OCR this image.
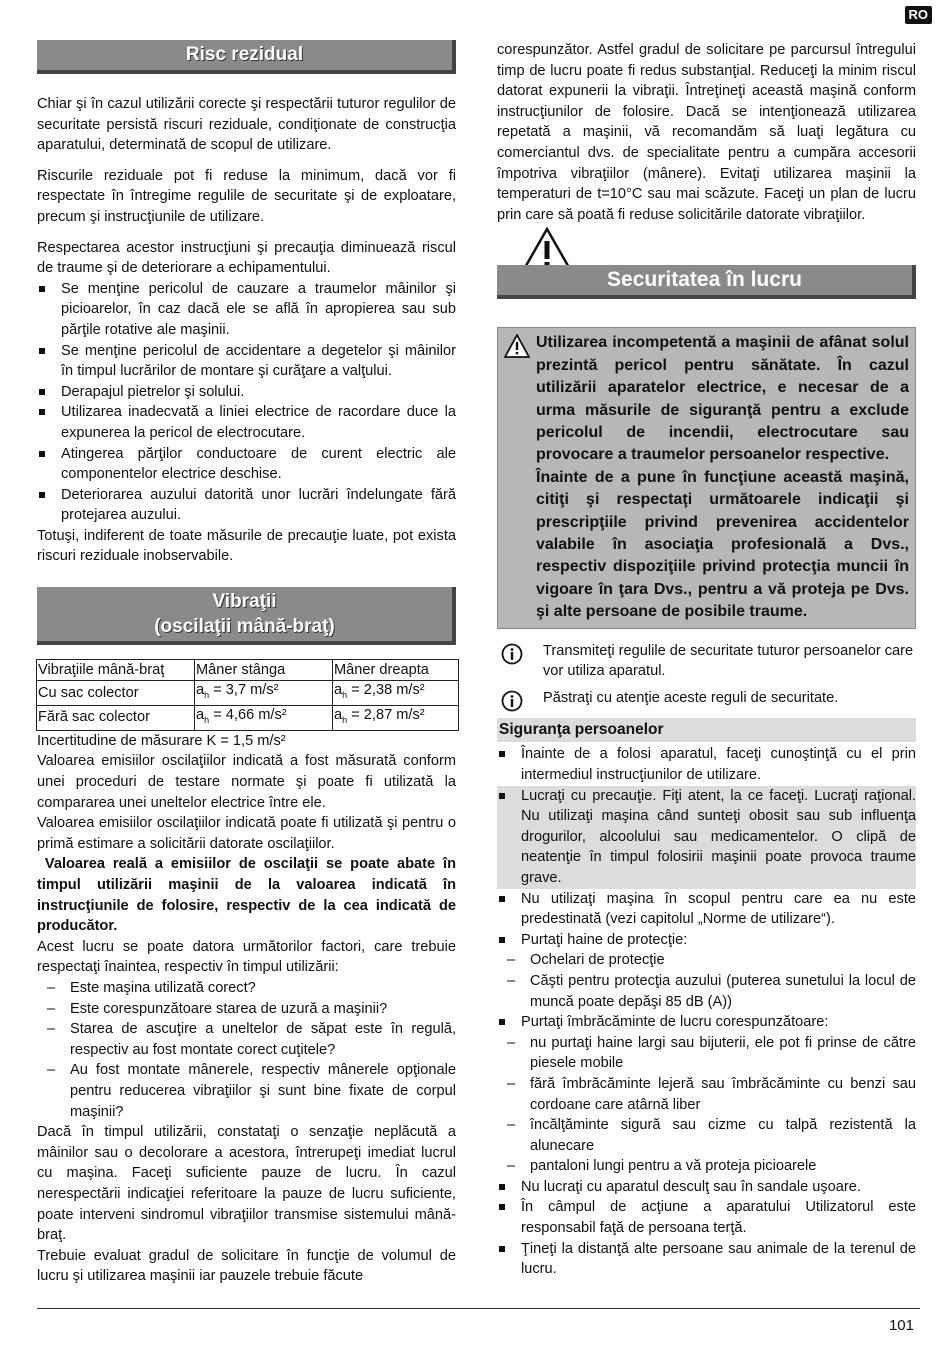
RO
Risc rezidual

Chiar şi în cazul utilizării corecte şi respectării tuturor regulilor de securitate persistă riscuri reziduale, condiţionate de construcţia aparatului, determinată de scopul de utilizare.

Riscurile reziduale pot fi reduse la minimum, dacă vor fi respectate în întregime regulile de securitate şi de exploatare, precum şi instrucţiunile de utilizare.

Respectarea acestor instrucţiuni şi precauţia diminuează riscul de traume şi de deteriorare a echipamentului.

Se menţine pericolul de cauzare a traumelor mâinilor şi picioarelor, în caz dacă ele se află în apropierea sau sub părţile rotative ale maşinii.
Se menţine pericolul de accidentare a degetelor şi mâinilor în timpul lucrărilor de montare şi curăţare a valţului.
Derapajul pietrelor şi solului.
Utilizarea inadecvată a liniei electrice de racordare duce la expunerea la pericol de electrocutare.
Atingerea părţilor conductoare de curent electric ale componentelor electrice deschise.
Deteriorarea auzului datorită unor lucrări îndelungate fără protejarea auzului.

Totuşi, indiferent de toate măsurile de precauţie luate, pot exista riscuri reziduale inobservabile.

Vibraţii
(oscilaţii mână-braţ)
Vibraţiile mână-braţ	Mâner stânga	Mâner dreapta
Cu sac colector	$a_h = 3,7$ m/s²	$a_h = 2,38$ m/s²
Fără sac colector	$a_h = 4,66$ m/s²	$a_h = 2,87$ m/s²

Incertitudine de măsurare K = 1,5 m/s²

Valoarea emisiilor oscilaţiilor indicată a fost măsurată conform unei proceduri de testare normate şi poate fi utilizată la compararea unei uneltelor electrice între ele.

Valoarea emisiilor oscilaţiilor indicată poate fi utilizată şi pentru o primă estimare a solicitării datorate oscilaţiilor.

Valoarea reală a emisiilor de oscilaţii se poate abate în timpul utilizării maşinii de la valoarea indicată în instrucţiunile de folosire, respectiv de la cea indicată de producător.

Acest lucru se poate datora următorilor factori, care trebuie respectaţi înaintea, respectiv în timpul utilizării:

– Este maşina utilizată corect?
– Este corespunzătoare starea de uzură a maşinii?
– Starea de ascuţire a uneltelor de săpat este în regulă, respectiv au fost montate corect cuţitele?
– Au fost montate mânerele, respectiv mânerele opţionale pentru reducerea vibraţiilor şi sunt bine fixate de corpul maşinii?

Dacă în timpul utilizării, constataţi o senzaţie neplăcută a mâinilor sau o decolorare a acestora, întrerupeţi imediat lucrul cu maşina. Faceţi suficiente pauze de lucru. În cazul nerespectării indicaţiei referitoare la pauze de lucru suficiente, poate interveni sindromul vibraţiilor transmise sistemului mână-braţ.

Trebuie evaluat gradul de solicitare în funcţie de volumul de lucru şi utilizarea maşinii iar pauzele trebuie făcute

corespunzător. Astfel gradul de solicitare pe parcursul întregului timp de lucru poate fi redus substanţial. Reduceţi la minim riscul datorat expunerii la vibraţii. Întreţineţi această maşină conform instrucţiunilor de folosire. Dacă se intenţionează utilizarea repetată a maşinii, vă recomandăm să luaţi legătura cu comerciantul dvs. de specialitate pentru a cumpăra accesorii împotriva vibraţiilor (mânere). Evitaţi utilizarea maşinii la temperaturi de t=10°C sau mai scăzute. Faceţi un plan de lucru prin care să poată fi reduse solicitările datorate vibraţiilor.

Securitatea în lucru

Utilizarea incompetentă a maşinii de afânat solul prezintă pericol pentru sănătate. În cazul utilizării aparatelor electrice, e necesar de a urma măsurile de siguranţă pentru a exclude pericolul de incendii, electrocutare sau provocare a traumelor persoanelor respective.

Înainte de a pune în funcţiune această maşină, citiţi şi respectaţi următoarele indicaţii şi prescripţiile privind prevenirea accidentelor valabile în asociaţia profesională a Dvs., respectiv dispoziţiile privind protecţia muncii în vigoare în ţara Dvs., pentru a vă proteja pe Dvs. şi alte persoane de posibile traume.

Transmiteţi regulile de securitate tuturor persoanelor care vor utiliza aparatul.
Păstraţi cu atenţie aceste reguli de securitate.
Siguranţa persoanelor
Înainte de a folosi aparatul, faceţi cunoştinţă cu el prin intermediul instrucţiunilor de utilizare.
Lucraţi cu precauţie. Fiţi atent, la ce faceţi. Lucraţi raţional. Nu utilizaţi maşina când sunteţi obosit sau sub influenţa drogurilor, alcoolului sau medicamentelor. O clipă de neatenţie în timpul folosirii maşinii poate provoca traume grave.
Nu utilizaţi maşina în scopul pentru care ea nu este predestinată (vezi capitolul „Norme de utilizare“).
Purtaţi haine de protecţie:
– Ochelari de protecţie
– Căşti pentru protecţia auzului (puterea sunetului la locul de muncă poate depăşi 85 dB (A))
Purtaţi îmbrăcăminte de lucru corespunzătoare:
– nu purtaţi haine largi sau bijuterii, ele pot fi prinse de către piesele mobile
– fără îmbrăcăminte lejeră sau îmbrăcăminte cu benzi sau cordoane care atârnă liber
– încălţăminte sigură sau cizme cu talpă rezistentă la alunecare
– pantaloni lungi pentru a vă proteja picioarele
Nu lucraţi cu aparatul desculţ sau în sandale uşoare.
În câmpul de acţiune a aparatului Utilizatorul este responsabil faţă de persoana terţă.
Ţineţi la distanţă alte persoane sau animale de la terenul de lucru.
101
